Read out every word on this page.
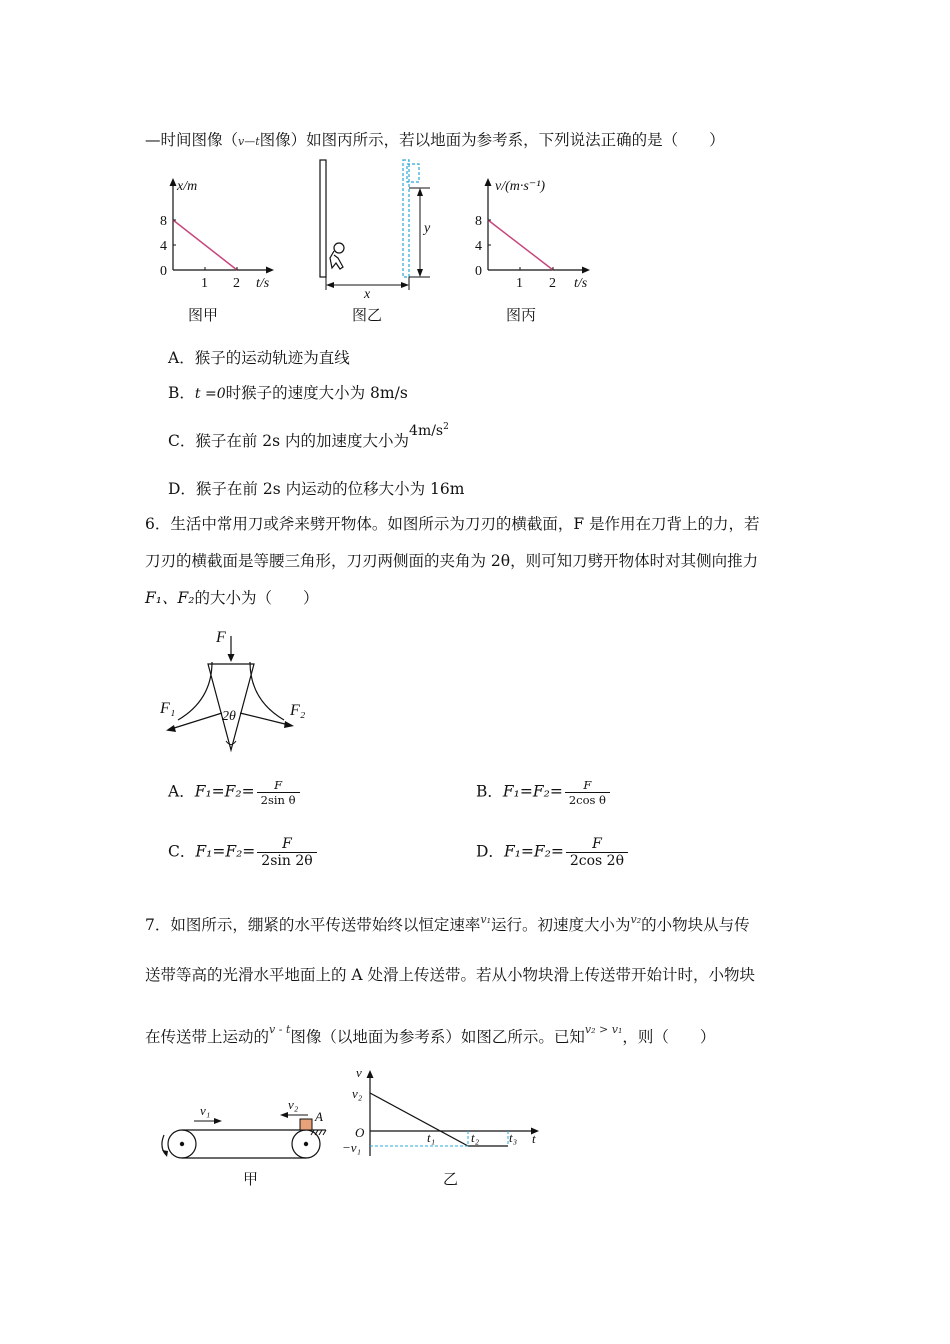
—时间图像（v—t图像）如图丙所示，若以地面为参考系，下列说法正确的是（　　）
x/m
8
4
0
1 2 t/s
图甲
y
x
图乙
v/(m·s⁻¹)
8
4
0
1 2 t/s
图丙
A．猴子的运动轨迹为直线
B．t =0时猴子的速度大小为 8m/s
C．猴子在前 2s 内的加速度大小为$4m/s^2$
D．猴子在前 2s 内运动的位移大小为 16m
6．生活中常用刀或斧来劈开物体。如图所示为刀刃的横截面，F 是作用在刀背上的力，若
刀刃的横截面是等腰三角形，刀刃两侧面的夹角为 2θ，则可知刀劈开物体时对其侧向推力
F₁、F₂的大小为（　　）
F
F₁	F₂
2θ
A．$F_1=F_2= \frac{F}{\text{2sin θ}}$	B．$F_1=F_2= \frac{F}{\text{2cos θ}}$
C．$F_1=F_2= \frac{F}{2\sin 2\theta}$	D．$F_1=F_2= \frac{F}{2\cos 2\theta}$
7．如图所示，绷紧的水平传送带始终以恒定速率v₁运行。初速度大小为v₂的小物块从与传
送带等高的光滑水平地面上的 A 处滑上传送带。若从小物块滑上传送带开始计时，小物块
在传送带上运动的v - t图像（以地面为参考系）如图乙所示。已知v₂ > v₁，则（　　）
v₁	v₂
A
甲
v
v₂
O
−v₁
t₁	t₂ t₃ t
乙
